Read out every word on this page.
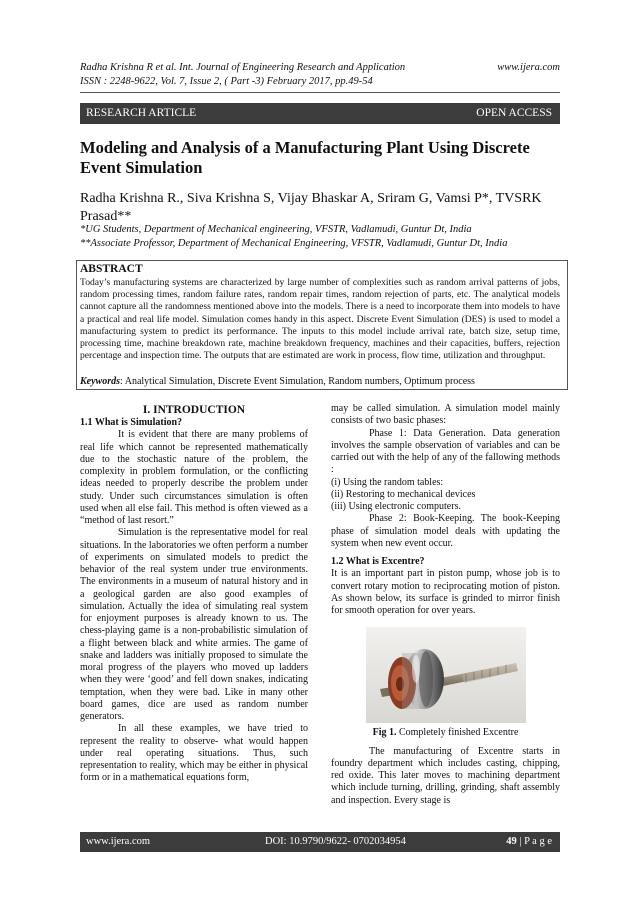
Radha Krishna R et al. Int. Journal of Engineering Research and Application	www.ijera.com
ISSN : 2248-9622, Vol. 7, Issue 2, ( Part -3) February 2017, pp.49-54
RESEARCH ARTICLE	OPEN ACCESS
Modeling and Analysis of a Manufacturing Plant Using Discrete Event Simulation
Radha Krishna R., Siva Krishna S, Vijay Bhaskar A, Sriram G, Vamsi P*, TVSRK Prasad**
*UG Students, Department of Mechanical engineering, VFSTR, Vadlamudi, Guntur Dt, India
**Associate Professor, Department of Mechanical Engineering, VFSTR, Vadlamudi, Guntur Dt, India
ABSTRACT
Today’s manufacturing systems are characterized by large number of complexities such as random arrival patterns of jobs, random processing times, random failure rates, random repair times, random rejection of parts, etc. The analytical models cannot capture all the randomness mentioned above into the models. There is a need to incorporate them into models to have a practical and real life model. Simulation comes handy in this aspect. Discrete Event Simulation (DES) is used to model a manufacturing system to predict its performance. The inputs to this model include arrival rate, batch size, setup time, processing time, machine breakdown rate, machine breakdown frequency, machines and their capacities, buffers, rejection percentage and inspection time. The outputs that are estimated are work in process, flow time, utilization and throughput.
Keywords: Analytical Simulation, Discrete Event Simulation, Random numbers, Optimum process

I. INTRODUCTION

1.1 What is Simulation?

It is evident that there are many problems of real life which cannot be represented mathematically due to the stochastic nature of the problem, the complexity in problem formulation, or the conflicting ideas needed to properly describe the problem under study. Under such circumstances simulation is often used when all else fail. This method is often viewed as a “method of last resort.”

Simulation is the representative model for real situations. In the laboratories we often perform a number of experiments on simulated models to predict the behavior of the real system under true environments. The environments in a museum of natural history and in a geological garden are also good examples of simulation. Actually the idea of simulating real system for enjoyment purposes is already known to us. The chess-playing game is a non-probabilistic simulation of a flight between black and white armies. The game of snake and ladders was initially proposed to simulate the moral progress of the players who moved up ladders when they were ‘good’ and fell down snakes, indicating temptation, when they were bad. Like in many other board games, dice are used as random number generators.

In all these examples, we have tried to represent the reality to observe- what would happen under real operating situations. Thus, such representation to reality, which may be either in physical form or in a mathematical equations form,

may be called simulation. A simulation model mainly consists of two basic phases:

Phase 1: Data Generation. Data generation involves the sample observation of variables and can be carried out with the help of any of the fallowing methods :

(i) Using the random tables:

(ii) Restoring to mechanical devices

(iii) Using electronic computers.

Phase 2: Book-Keeping. The book-Keeping phase of simulation model deals with updating the system when new event occur.

1.2 What is Excentre?

It is an important part in piston pump, whose job is to convert rotary motion to reciprocating motion of piston. As shown below, its surface is grinded to mirror finish for smooth operation for over years.

Fig 1. Completely finished Excentre

The manufacturing of Excentre starts in foundry department which includes casting, chipping, red oxide. This later moves to machining department which include turning, drilling, grinding, shaft assembly and inspection. Every stage is

www.ijera.com	DOI: 10.9790/9622- 0702034954	49 | P a g e
